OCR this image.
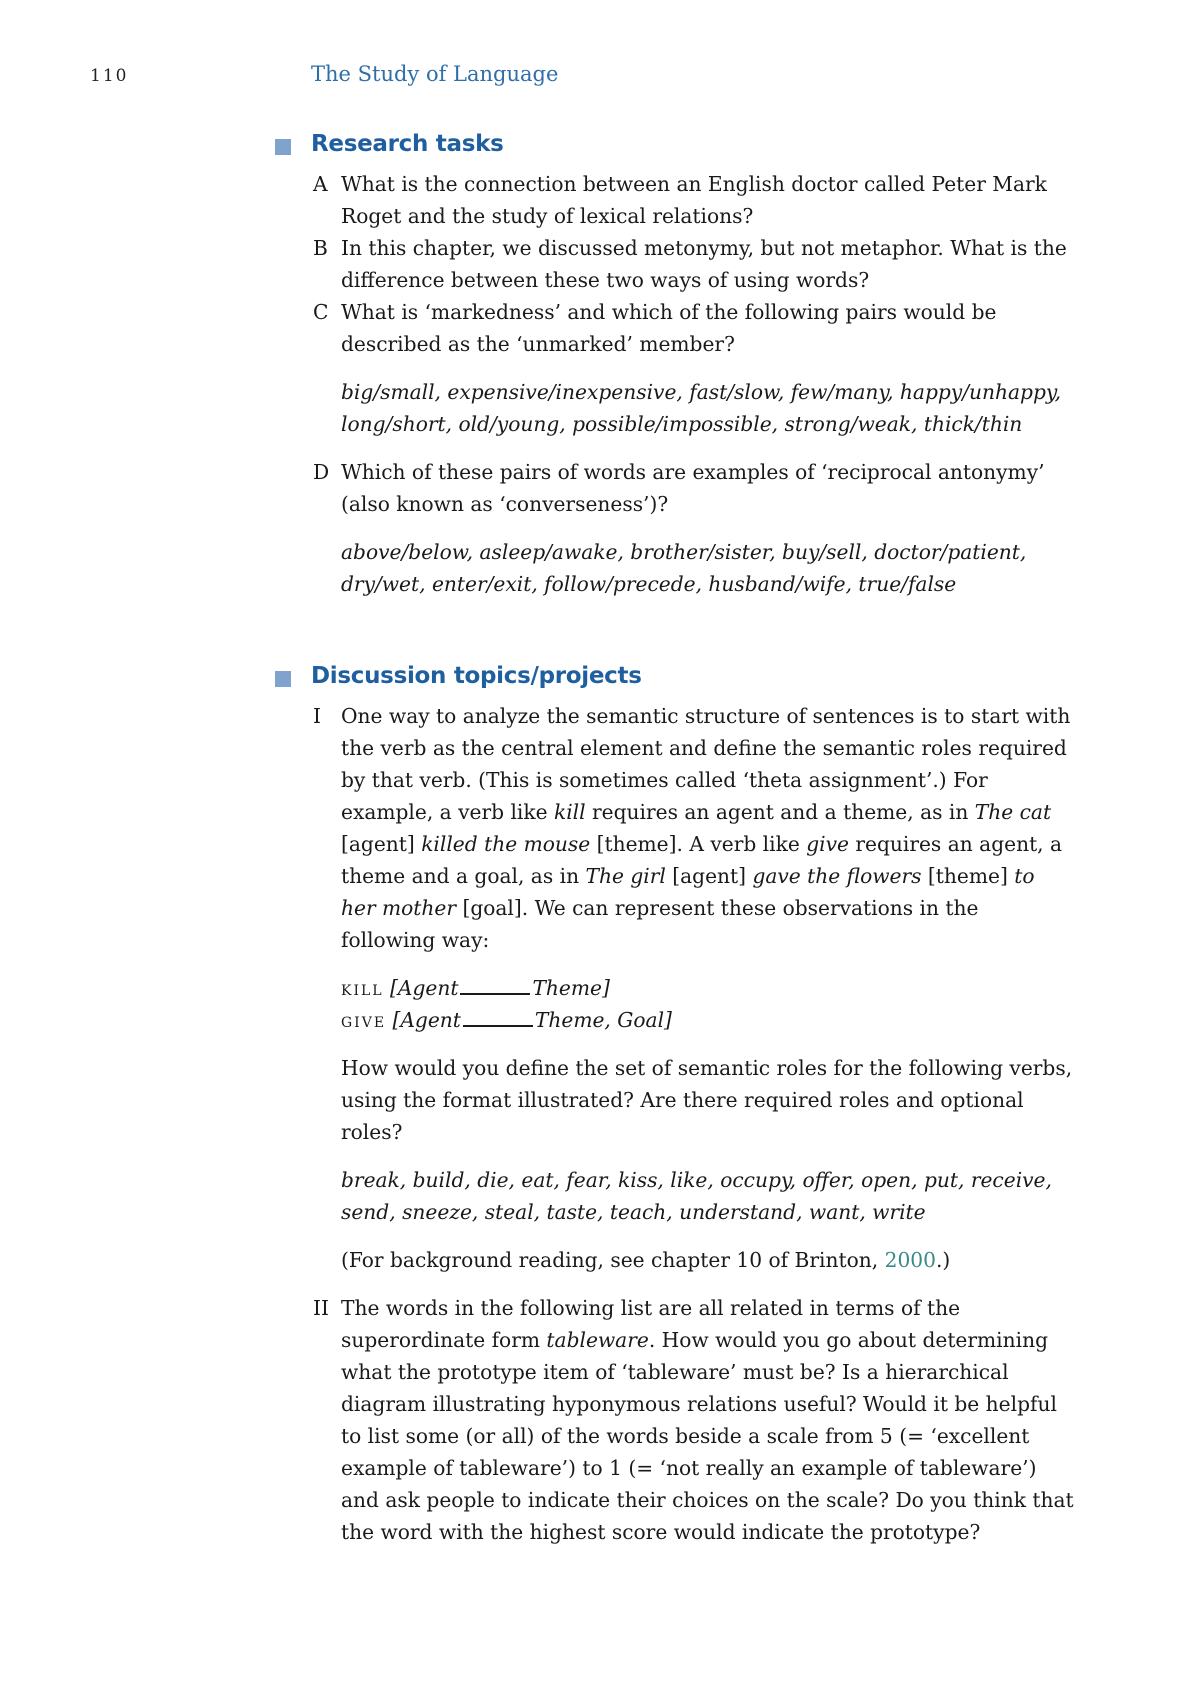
110	The Study of Language
Research tasks
A What is the connection between an English doctor called Peter Mark Roget and the study of lexical relations?
B In this chapter, we discussed metonymy, but not metaphor. What is the difference between these two ways of using words?
C What is ‘markedness’ and which of the following pairs would be described as the ‘unmarked’ member?
big/small, expensive/inexpensive, fast/slow, few/many, happy/unhappy, long/short, old/young, possible/impossible, strong/weak, thick/thin
D Which of these pairs of words are examples of ‘reciprocal antonymy’ (also known as ‘converseness’)?
above/below, asleep/awake, brother/sister, buy/sell, doctor/patient, dry/wet, enter/exit, follow/precede, husband/wife, true/false
Discussion topics/projects
I One way to analyze the semantic structure of sentences is to start with the verb as the central element and define the semantic roles required by that verb. (This is sometimes called ‘theta assignment’.) For example, a verb like kill requires an agent and a theme, as in The cat [agent] killed the mouse [theme]. A verb like give requires an agent, a theme and a goal, as in The girl [agent] gave the flowers [theme] to her mother [goal]. We can represent these observations in the following way:
kill [Agent	Theme]
give [Agent	Theme, Goal]
How would you define the set of semantic roles for the following verbs, using the format illustrated? Are there required roles and optional roles?
break, build, die, eat, fear, kiss, like, occupy, offer, open, put, receive, send, sneeze, steal, taste, teach, understand, want, write
(For background reading, see chapter 10 of Brinton, 2000.)
II The words in the following list are all related in terms of the superordinate form tableware. How would you go about determining what the prototype item of ‘tableware’ must be? Is a hierarchical diagram illustrating hyponymous relations useful? Would it be helpful to list some (or all) of the words beside a scale from 5 (= ‘excellent example of tableware’) to 1 (= ‘not really an example of tableware’) and ask people to indicate their choices on the scale? Do you think that the word with the highest score would indicate the prototype?
